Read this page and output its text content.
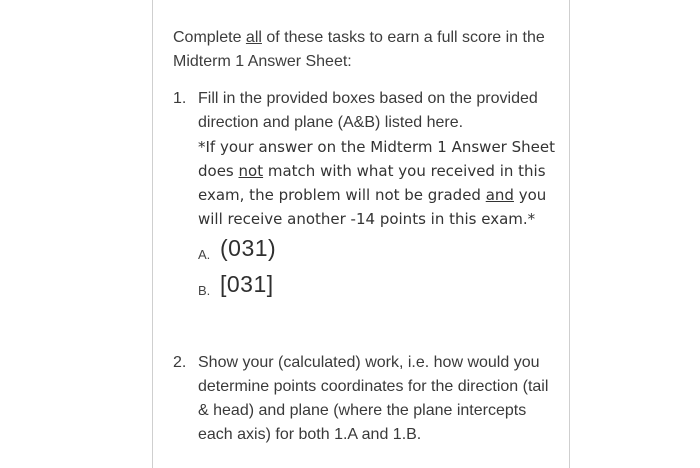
Complete all of these tasks to earn a full score in the Midterm 1 Answer Sheet:
1. Fill in the provided boxes based on the provided direction and plane (A&B) listed here.
*If your answer on the Midterm 1 Answer Sheet does not match with what you received in this exam, the problem will not be graded and you will receive another -14 points in this exam.*
A. (031)
B. [031]
2. Show your (calculated) work, i.e. how would you determine points coordinates for the direction (tail & head) and plane (where the plane intercepts each axis) for both 1.A and 1.B.
